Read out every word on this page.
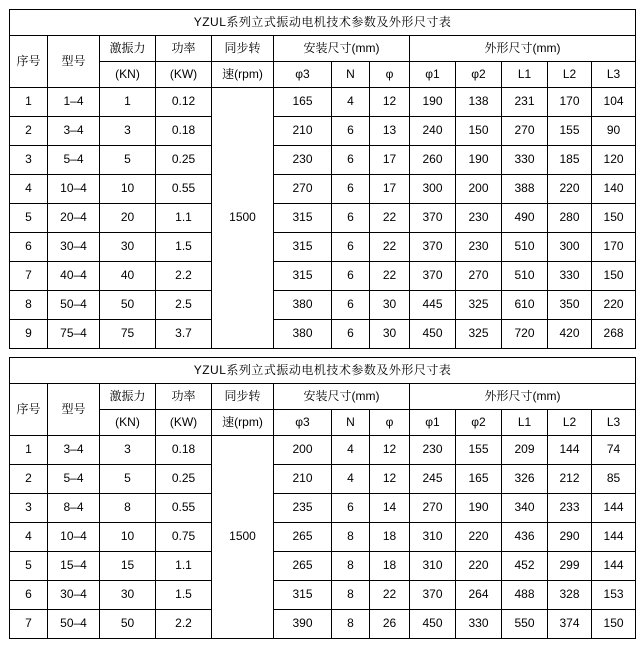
YZUL系列立式振动电机技术参数及外形尺寸表												
序号	型号	激振力	功率	同步转	安装尺寸(mm)			外形尺寸(mm)				
		(KN)	(KW)	速(rpm)	φ3	N	φ	φ1	φ2	L1	L2	L3
1	1–4	1	0.12	1500	165	4	12	190	138	231	170	104
2	3–4	3	0.18		210	6	13	240	150	270	155	90
3	5–4	5	0.25		230	6	17	260	190	330	185	120
4	10–4	10	0.55		270	6	17	300	200	388	220	140
5	20–4	20	1.1		315	6	22	370	230	490	280	150
6	30–4	30	1.5		315	6	22	370	230	510	300	170
7	40–4	40	2.2		315	6	22	370	270	510	330	150
8	50–4	50	2.5		380	6	30	445	325	610	350	220
9	75–4	75	3.7		380	6	30	450	325	720	420	268
YZUL系列立式振动电机技术参数及外形尺寸表												
序号	型号	激振力	功率	同步转	安装尺寸(mm)			外形尺寸(mm)				
		(KN)	(KW)	速(rpm)	φ3	N	φ	φ1	φ2	L1	L2	L3
1	3–4	3	0.18	1500	200	4	12	230	155	209	144	74
2	5–4	5	0.25		210	4	12	245	165	326	212	85
3	8–4	8	0.55		235	6	14	270	190	340	233	144
4	10–4	10	0.75		265	8	18	310	220	436	290	144
5	15–4	15	1.1		265	8	18	310	220	452	299	144
6	30–4	30	1.5		315	8	22	370	264	488	328	153
7	50–4	50	2.2		390	8	26	450	330	550	374	150
